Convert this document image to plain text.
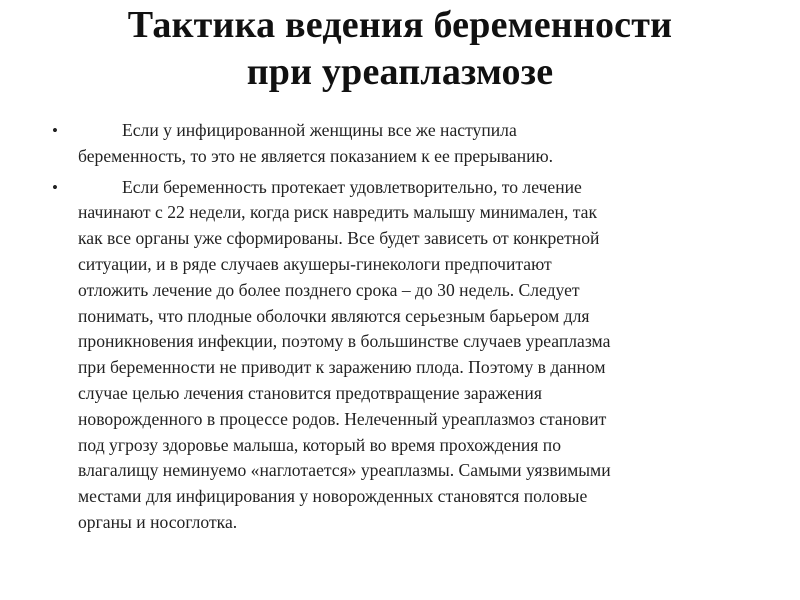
Тактика ведения беременности
при уреаплазмозе
•	Если у инфицированной женщины все же наступила
беременность, то это не является показанием к ее прерыванию.
•	Если беременность протекает удовлетворительно, то лечение
начинают с 22 недели, когда риск навредить малышу минимален, так
как все органы уже сформированы. Все будет зависеть от конкретной
ситуации, и в ряде случаев акушеры-гинекологи предпочитают
отложить лечение до более позднего срока – до 30 недель. Следует
понимать, что плодные оболочки являются серьезным барьером для
проникновения инфекции, поэтому в большинстве случаев уреаплазма
при беременности не приводит к заражению плода. Поэтому в данном
случае целью лечения становится предотвращение заражения
новорожденного в процессе родов. Нелеченный уреаплазмоз становит
под угрозу здоровье малыша, который во время прохождения по
влагалищу неминуемо «наглотается» уреаплазмы. Самыми уязвимыми
местами для инфицирования у новорожденных становятся половые
органы и носоглотка.
